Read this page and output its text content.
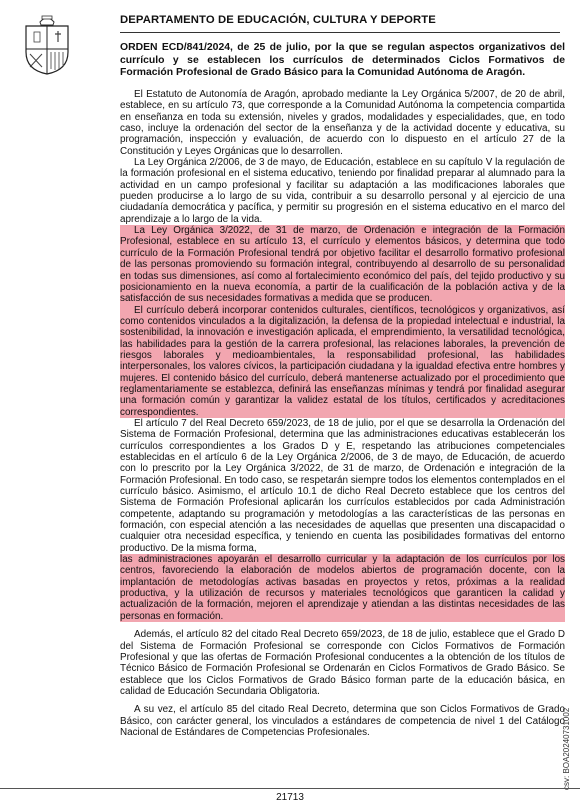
DEPARTAMENTO DE EDUCACIÓN, CULTURA Y DEPORTE
ORDEN ECD/841/2024, de 25 de julio, por la que se regulan aspectos organizativos del currículo y se establecen los currículos de determinados Ciclos Formativos de Formación Profesional de Grado Básico para la Comunidad Autónoma de Aragón.

El Estatuto de Autonomía de Aragón, aprobado mediante la Ley Orgánica 5/2007, de 20 de abril, establece, en su artículo 73, que corresponde a la Comunidad Autónoma la competencia compartida en enseñanza en toda su extensión, niveles y grados, modalidades y especialidades, que, en todo caso, incluye la ordenación del sector de la enseñanza y de la actividad docente y educativa, su programación, inspección y evaluación, de acuerdo con lo dispuesto en el artículo 27 de la Constitución y Leyes Orgánicas que lo desarrollen.

La Ley Orgánica 2/2006, de 3 de mayo, de Educación, establece en su capítulo V la regulación de la formación profesional en el sistema educativo, teniendo por finalidad preparar al alumnado para la actividad en un campo profesional y facilitar su adaptación a las modificaciones laborales que pueden producirse a lo largo de su vida, contribuir a su desarrollo personal y al ejercicio de una ciudadanía democrática y pacífica, y permitir su progresión en el sistema educativo en el marco del aprendizaje a lo largo de la vida.

La Ley Orgánica 3/2022, de 31 de marzo, de Ordenación e integración de la Formación Profesional, establece en su artículo 13, el currículo y elementos básicos, y determina que todo currículo de la Formación Profesional tendrá por objetivo facilitar el desarrollo formativo profesional de las personas promoviendo su formación integral, contribuyendo al desarrollo de su personalidad en todas sus dimensiones, así como al fortalecimiento económico del país, del tejido productivo y su posicionamiento en la nueva economía, a partir de la cualificación de la población activa y de la satisfacción de sus necesidades formativas a medida que se producen.

El currículo deberá incorporar contenidos culturales, científicos, tecnológicos y organizativos, así como contenidos vinculados a la digitalización, la defensa de la propiedad intelectual e industrial, la sostenibilidad, la innovación e investigación aplicada, el emprendimiento, la versatilidad tecnológica, las habilidades para la gestión de la carrera profesional, las relaciones laborales, la prevención de riesgos laborales y medioambientales, la responsabilidad profesional, las habilidades interpersonales, los valores cívicos, la participación ciudadana y la igualdad efectiva entre hombres y mujeres. El contenido básico del currículo, deberá mantenerse actualizado por el procedimiento que reglamentariamente se establezca, definirá las enseñanzas mínimas y tendrá por finalidad asegurar una formación común y garantizar la validez estatal de los títulos, certificados y acreditaciones correspondientes.

El artículo 7 del Real Decreto 659/2023, de 18 de julio, por el que se desarrolla la Ordenación del Sistema de Formación Profesional, determina que las administraciones educativas establecerán los currículos correspondientes a los Grados D y E, respetando las atribuciones competenciales establecidas en el artículo 6 de la Ley Orgánica 2/2006, de 3 de mayo, de Educación, de acuerdo con lo prescrito por la Ley Orgánica 3/2022, de 31 de marzo, de Ordenación e integración de la Formación Profesional. En todo caso, se respetarán siempre todos los elementos contemplados en el currículo básico. Asimismo, el artículo 10.1 de dicho Real Decreto establece que los centros del Sistema de Formación Profesional aplicarán los currículos establecidos por cada Administración competente, adaptando su programación y metodologías a las características de las personas en formación, con especial atención a las necesidades de aquellas que presenten una discapacidad o cualquier otra necesidad específica, y teniendo en cuenta las posibilidades formativas del entorno productivo. De la misma forma,

las administraciones apoyarán el desarrollo curricular y la adaptación de los currículos por los centros, favoreciendo la elaboración de modelos abiertos de programación docente, con la implantación de metodologías activas basadas en proyectos y retos, próximas a la realidad productiva, y la utilización de recursos y materiales tecnológicos que garanticen la calidad y actualización de la formación, mejoren el aprendizaje y atiendan a las distintas necesidades de las personas en formación.

Además, el artículo 82 del citado Real Decreto 659/2023, de 18 de julio, establece que el Grado D del Sistema de Formación Profesional se corresponde con Ciclos Formativos de Formación Profesional y que las ofertas de Formación Profesional conducentes a la obtención de los títulos de Técnico Básico de Formación Profesional se Ordenarán en Ciclos Formativos de Grado Básico. Se establece que los Ciclos Formativos de Grado Básico forman parte de la educación básica, en calidad de Educación Secundaria Obligatoria.

A su vez, el artículo 85 del citado Real Decreto, determina que son Ciclos Formativos de Grado Básico, con carácter general, los vinculados a estándares de competencia de nivel 1 del Catálogo Nacional de Estándares de Competencias Profesionales.	csv: BOA20240731002
21713
